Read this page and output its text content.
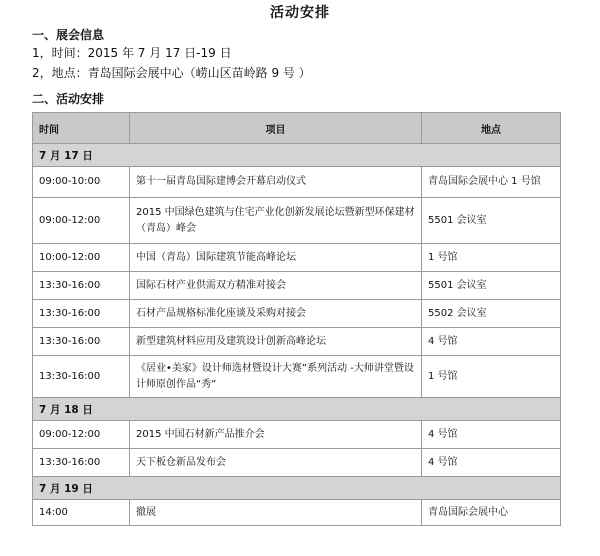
活动安排
一、展会信息
1，时间：2015 年 7 月 17 日-19 日
2，地点：青岛国际会展中心（崂山区苗岭路 9 号 ）
二、活动安排
时间	项目	地点
7 月 17 日		
09:00-10:00	第十一届青岛国际建博会开幕启动仪式	青岛国际会展中心 1 号馆
09:00-12:00	2015 中国绿色建筑与住宅产业化创新发展论坛暨新型环保建材（青岛）峰会	5501 会议室
10:00-12:00	中国（青岛）国际建筑节能高峰论坛	1 号馆
13:30-16:00	国际石材产业供需双方精准对接会	5501 会议室
13:30-16:00	石材产品规格标准化座谈及采购对接会	5502 会议室
13:30-16:00	新型建筑材料应用及建筑设计创新高峰论坛	4 号馆
13:30-16:00	《居业•美家》设计师选材暨设计大赛”系列活动 -大师讲堂暨设计师原创作品“秀”	1 号馆
7 月 18 日		
09:00-12:00	2015 中国石材新产品推介会	4 号馆
13:30-16:00	天下板仓新品发布会	4 号馆
7 月 19 日		
14:00	撤展	青岛国际会展中心
